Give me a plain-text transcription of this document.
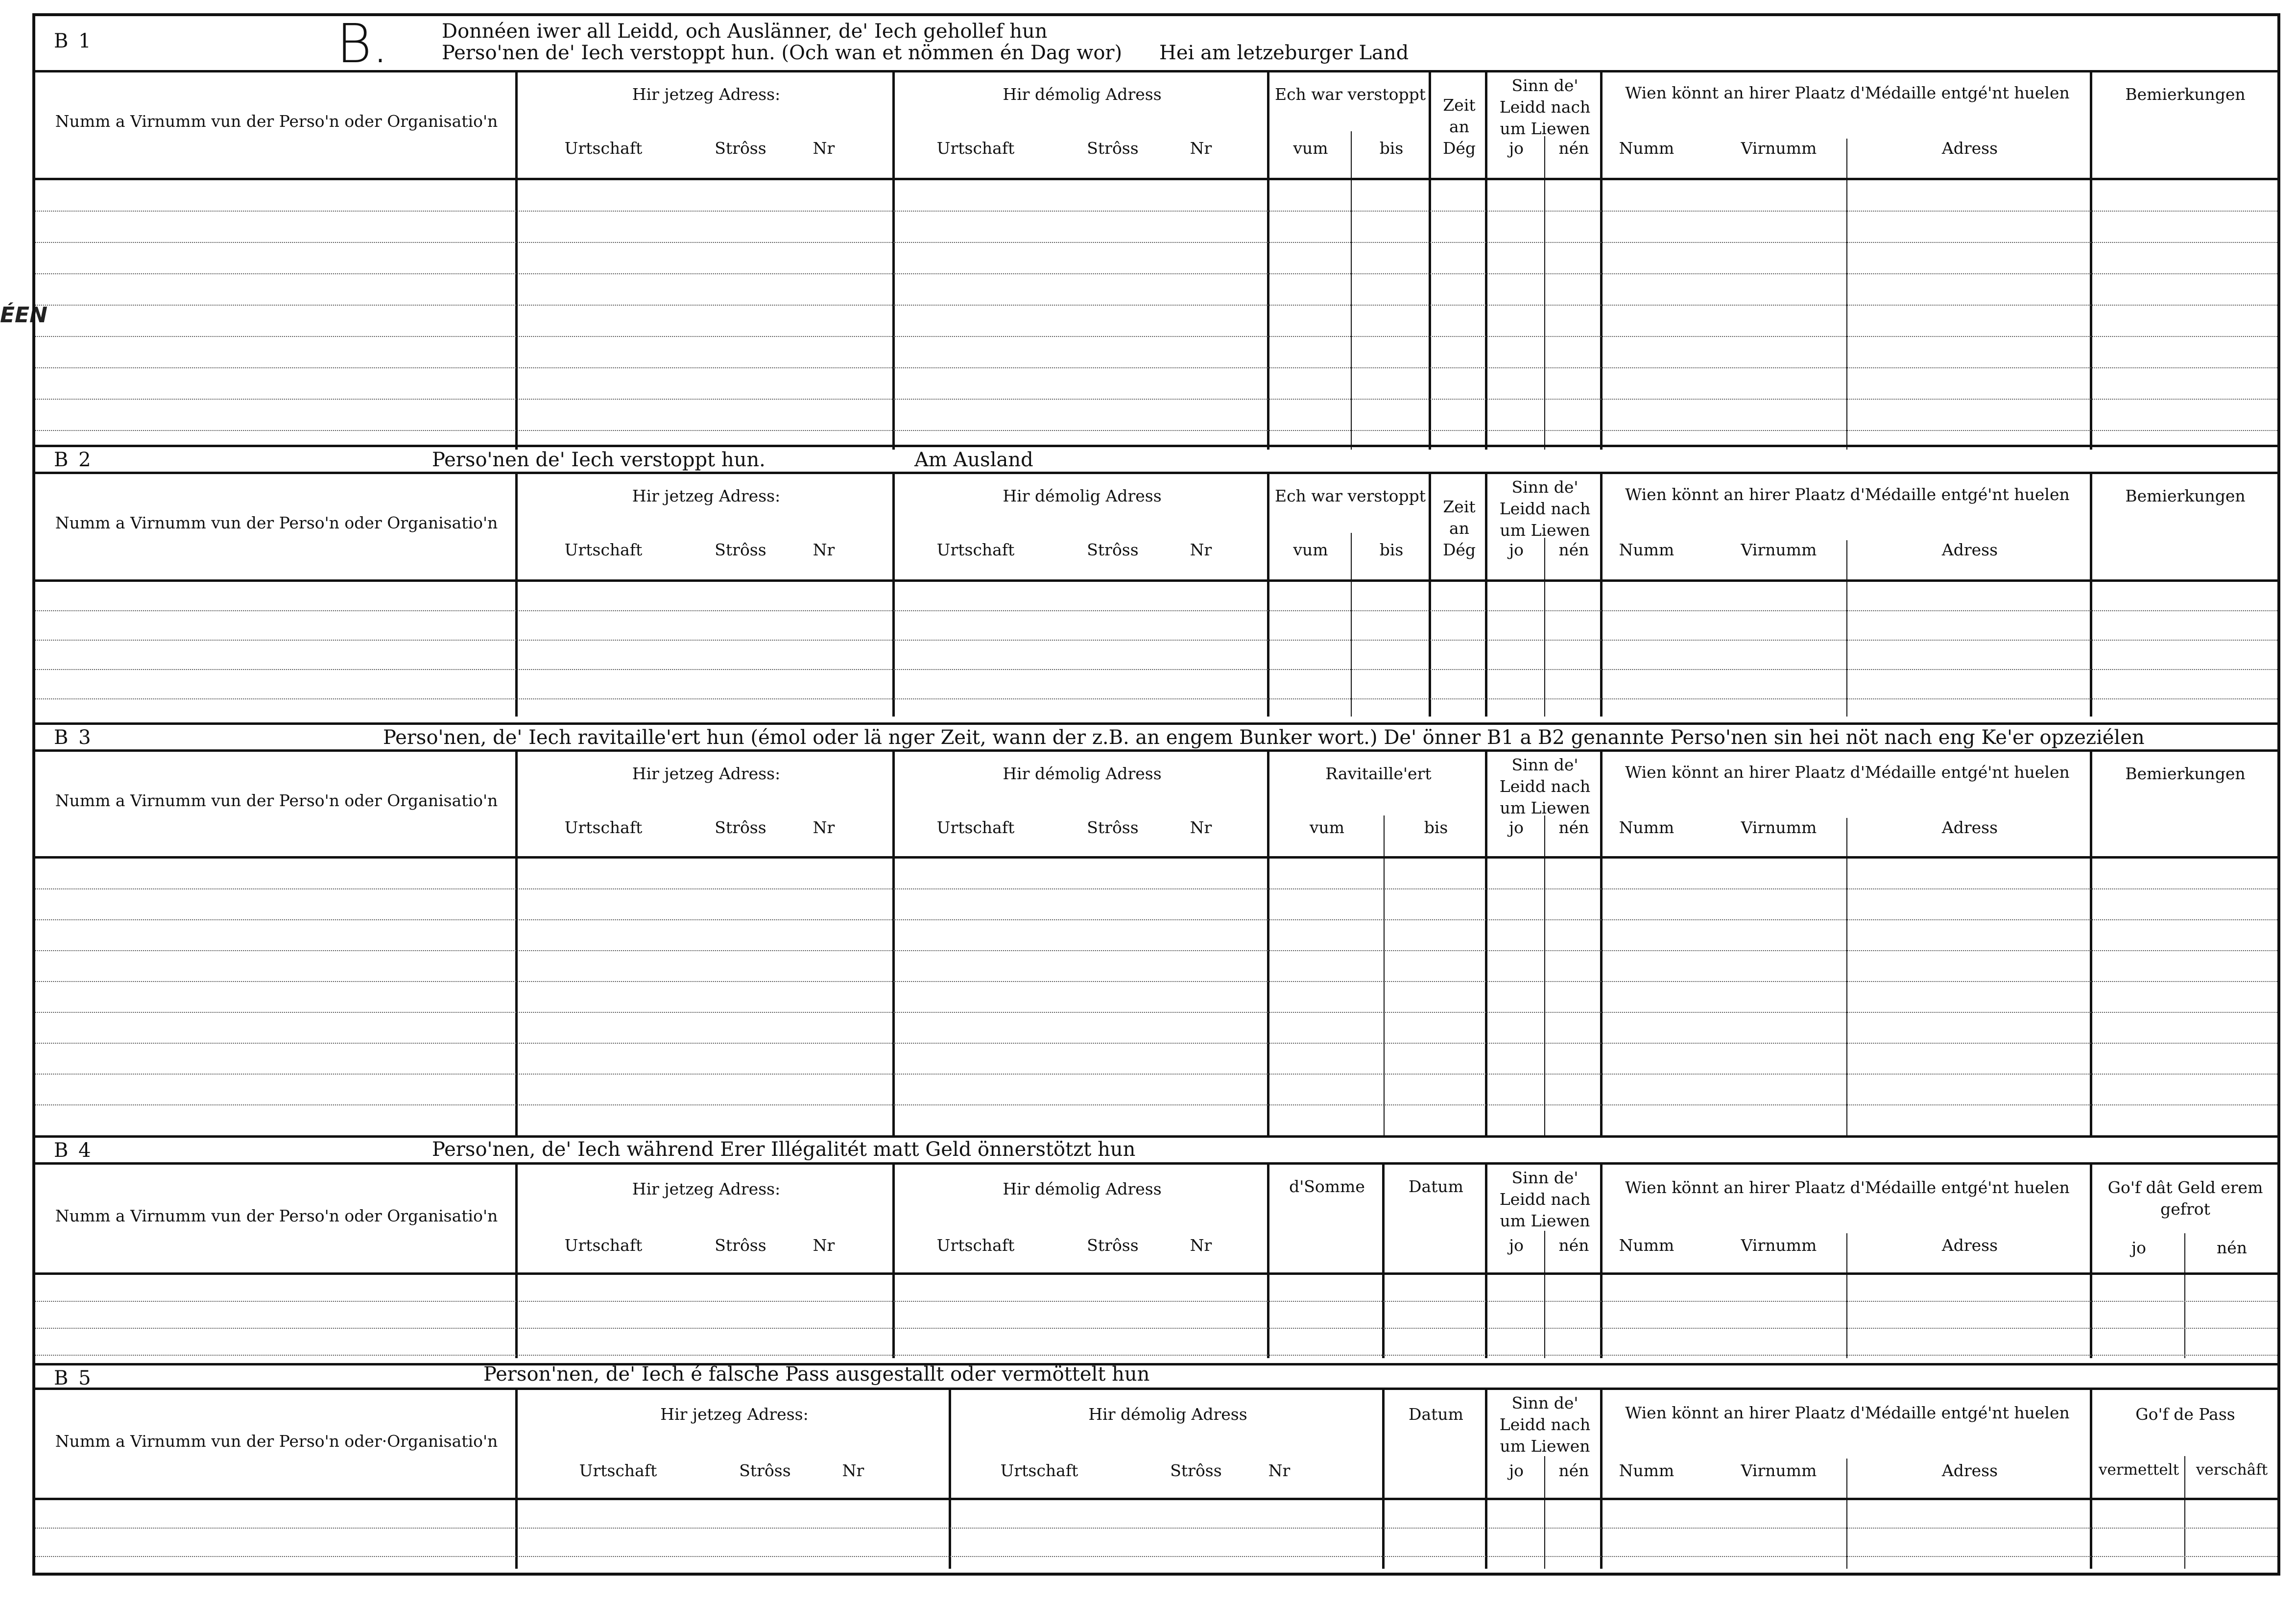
ÉEN
B 1	B.	Donnéen iwer all Leidd, och Auslänner, de' Iech gehollef hun
Perso'nen de' Iech verstoppt hun. (Och wan et nömmen én Dag wor) Hei am letzeburger Land
Numm a Virnumm vun der Perso'n oder Organisatio'n
Hir jetzeg Adress:
Urtschaft	Strôss	Nr
Hir démolig Adress
Urtschaft	Strôss	Nr
Ech war verstoppt
vum	bis
Zeit an Dég
Sinn de' Leidd nach um Liewen
jo	nén
Wien könnt an hirer Plaatz d'Médaille entgé'nt huelen
Numm	Virnumm	Adress
Bemierkungen
B 2	Perso'nen de' Iech verstoppt hun.	Am Ausland
Numm a Virnumm vun der Perso'n oder Organisatio'n
Hir jetzeg Adress:
Urtschaft	Strôss	Nr
Hir démolig Adress
Urtschaft	Strôss	Nr
Ech war verstoppt
vum	bis
Zeit an Dég
Sinn de' Leidd nach um Liewen
jo	nén
Wien könnt an hirer Plaatz d'Médaille entgé'nt huelen
Numm	Virnumm	Adress
Bemierkungen
B 3	Perso'nen, de' Iech ravitaille'ert hun (émol oder lä nger Zeit, wann der z.B. an engem Bunker wort.) De' önner B1 a B2 genannte Perso'nen sin hei nöt nach eng Ke'er opzeziélen
Numm a Virnumm vun der Perso'n oder Organisatio'n
Hir jetzeg Adress:
Urtschaft	Strôss	Nr
Hir démolig Adress
Urtschaft	Strôss	Nr
Ravitaille'ert
vum	bis
Sinn de' Leidd nach um Liewen
jo	nén
Wien könnt an hirer Plaatz d'Médaille entgé'nt huelen
Numm	Virnumm	Adress
Bemierkungen
B 4	Perso'nen, de' Iech während Erer Illégalitét matt Geld önnerstötzt hun
Numm a Virnumm vun der Perso'n oder Organisatio'n
Hir jetzeg Adress:
Urtschaft	Strôss	Nr
Hir démolig Adress
Urtschaft	Strôss	Nr
d'Somme	Datum	Sinn de' Leidd nach um Liewen
jo	nén
Wien könnt an hirer Plaatz d'Médaille entgé'nt huelen
Numm	Virnumm	Adress
Go'f dât Geld erem gefrot
jo	nén
B 5	Person'nen, de' Iech é falsche Pass ausgestallt oder vermöttelt hun
Numm a Virnumm vun der Perso'n oder·Organisatio'n
Hir jetzeg Adress:
Urtschaft	Strôss	Nr
Hir démolig Adress
Urtschaft	Strôss	Nr
Datum
Sinn de' Leidd nach um Liewen
jo	nén
Wien könnt an hirer Plaatz d'Médaille entgé'nt huelen
Numm	Virnumm	Adress
Go'f de Pass
vermettelt	verschâft
